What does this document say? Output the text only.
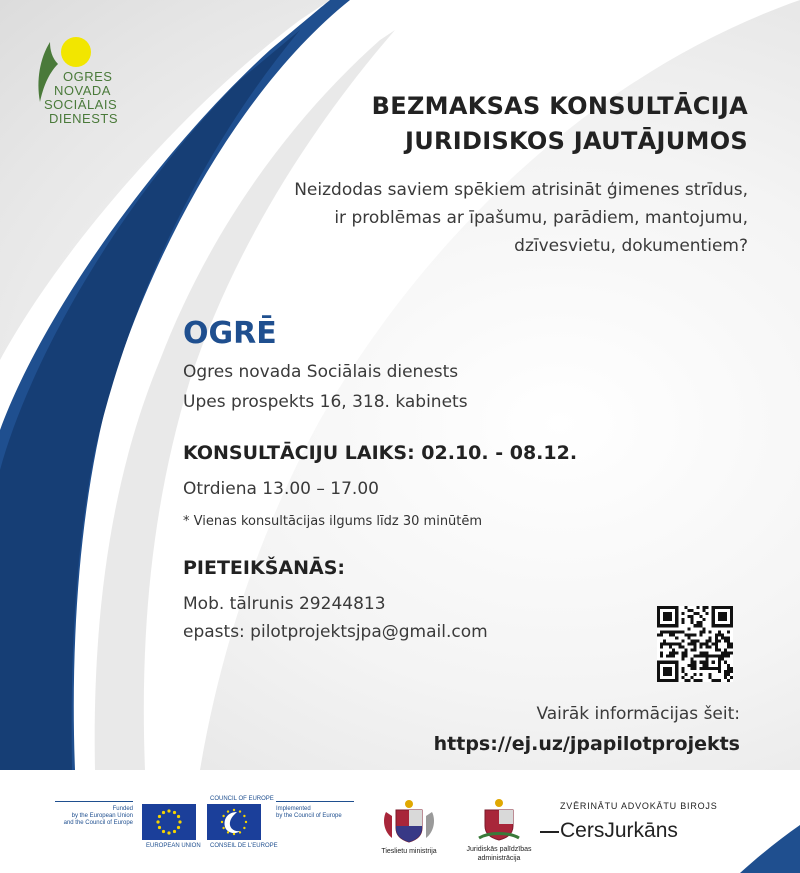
OGRES
NOVADA
SOCIĀLAIS
DIENESTS	BEZMAKSAS KONSULTĀCIJA
JURIDISKOS JAUTĀJUMOS
Neizdodas saviem spēkiem atrisināt ģimenes strīdus,
ir problēmas ar īpašumu, parādiem, mantojumu,
dzīvesvietu, dokumentiem?
OGRĒ
Ogres novada Sociālais dienests
Upes prospekts 16, 318. kabinets
KONSULTĀCIJU LAIKS: 02.10. - 08.12.
Otrdiena 13.00 – 17.00
* Vienas konsultācijas ilgums līdz 30 minūtēm
PIETEIKŠANĀS:
Mob. tālrunis 29244813
epasts: pilotprojektsjpa@gmail.com
Vairāk informācijas šeit:
https://ej.uz/jpapilotprojekts
Funded
by the European Union
and the Council of Europe
EUROPEAN UNION
COUNCIL OF EUROPE
CONSEIL DE L'EUROPE
Implemented
by the Council of Europe
Tieslietu ministrija	Juridiskās palīdzības
administrācija
ZVĒRINĀTU ADVOKĀTU BIROJS
CersJurkāns
